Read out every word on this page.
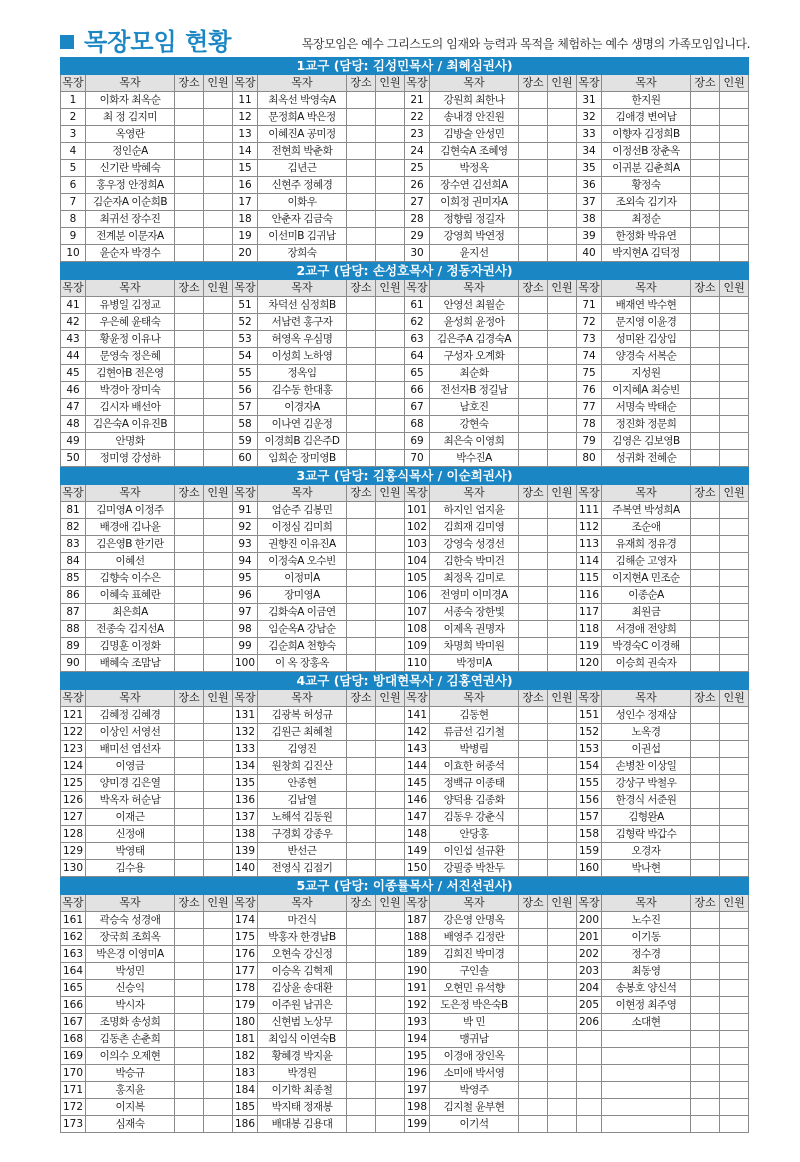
목장모임 현황	목장모임은 예수 그리스도의 임재와 능력과 목적을 체험하는 예수 생명의 가족모임입니다.
1교구 (담당: 김성민목사 / 최혜심권사)															
목장	목자	장소	인원	목장	목자	장소	인원	목장	목자	장소	인원	목장	목자	장소	인원
1	이화자 최옥순			11	최옥선 박영숙A			21	강원희 최한나			31	한지원		
2	최 정 김지미			12	문정희A 박은정			22	송내경 안진원			32	김애경 변여남		
3	옥영란			13	이혜진A 공미정			23	김방술 안성민			33	이향자 김정희B		
4	정인순A			14	전현희 박춘화			24	김현숙A 조혜영			34	이정선B 장춘옥		
5	신기란 박혜숙			15	김년근			25	박정옥			35	이귀분 김춘희A		
6	홍우정 안정희A			16	신현주 정혜경			26	장수연 김선희A			36	황정숙		
7	김순자A 이순희B			17	이화우			27	이희정 권미자A			37	조외숙 김기자		
8	최귀선 장수진			18	안춘자 김금숙			28	정향림 정길자			38	최정순		
9	전계분 이문자A			19	이선미B 김귀남			29	강영희 박연정			39	한정화 박유연		
10	윤순자 박경수			20	장희숙			30	윤지선			40	박지현A 김덕정		
2교구 (담당: 손성호목사 / 정동자권사)															
목장	목자	장소	인원	목장	목자	장소	인원	목장	목자	장소	인원	목장	목자	장소	인원
41	유병일 김정교			51	차덕선 심정희B			61	안영선 최월순			71	배재연 박수현		
42	우은혜 윤태숙			52	서남련 홍구자			62	윤성희 윤정아			72	문지영 이윤경		
43	황윤정 이유나			53	허영옥 우심명			63	김은주A 김경숙A			73	성미완 김상임		
44	문영숙 정은혜			54	이성희 노하영			64	구성자 오계화			74	양경숙 서복순		
45	김현아B 전은영			55	정옥임			65	최순화			75	지성원		
46	박경아 장미숙			56	김수동 한대홍			66	전선자B 정길남			76	이지혜A 최승빈		
47	김시자 배선아			57	이경자A			67	남호진			77	서명숙 박태순		
48	김은숙A 이유진B			58	이나연 김운정			68	강현숙			78	정진화 정문희		
49	안명화			59	이경희B 김은주D			69	최은숙 이영희			79	김영은 김보영B		
50	정미영 강성하			60	임희순 장미영B			70	박수진A			80	성귀화 전혜순		
3교구 (담당: 김홍식목사 / 이순희권사)															
목장	목자	장소	인원	목장	목자	장소	인원	목장	목자	장소	인원	목장	목자	장소	인원
81	김미영A 이정주			91	엄순주 김봉민			101	하지인 엄지윤			111	주복연 박성희A		
82	배경애 김나윤			92	이정심 김미희			102	김희재 김미영			112	조순애		
83	김은영B 한기란			93	권향진 이유진A			103	강영숙 성경선			113	유재희 정유경		
84	이혜선			94	이정숙A 오수빈			104	김한숙 박미건			114	김해순 고영자		
85	김향숙 이수은			95	이정미A			105	최정옥 김미로			115	이지현A 민조순		
86	이혜숙 표혜란			96	장미영A			106	전영미 이미경A			116	이종순A		
87	최은희A			97	김화숙A 이금연			107	서종숙 장한빛			117	최원금		
88	전종숙 김지선A			98	임순옥A 강남순			108	이제옥 권명자			118	서경애 전양희		
89	김명훈 이정화			99	김순희A 천향숙			109	차명희 박미원			119	박경숙C 이경해		
90	배혜숙 조맘남			100	이 옥 장홍옥			110	박정미A			120	이승희 권숙자		
4교구 (담당: 방대현목사 / 김홍연권사)															
목장	목자	장소	인원	목장	목자	장소	인원	목장	목자	장소	인원	목장	목자	장소	인원
121	김혜정 김혜경			131	김광복 허성규			141	김동현			151	성인수 정재삼		
122	이상인 서영선			132	김원근 최혜철			142	류금선 김기철			152	노옥경		
123	배미선 염선자			133	김영진			143	박병림			153	이권섭		
124	이영금			134	원창희 김진산			144	이효한 허종석			154	손병찬 이상일		
125	양미경 김은열			135	안종현			145	정백규 이종태			155	강상구 박철우		
126	박옥자 허순남			136	김남열			146	양덕용 김종화			156	한경식 서준원		
127	이재근			137	노해석 김동원			147	김동우 강춘식			157	김형완A		
128	신정애			138	구경회 강종우			148	안당홍			158	김형락 박갑수		
129	박영태			139	반선근			149	이인섭 설규환			159	오경자		
130	김수용			140	전영식 김점기			150	강필중 박찬두			160	박나현		
5교구 (담당: 이종률목사 / 서진선권사)															
목장	목자	장소	인원	목장	목자	장소	인원	목장	목자	장소	인원	목장	목자	장소	인원
161	곽승숙 성경애			174	마건식			187	강은영 안명옥			200	노수진		
162	장국희 조희옥			175	박홍자 한경남B			188	배영주 김정란			201	이기동		
163	박은경 이영미A			176	오현숙 강신정			189	김희진 박미경			202	정수경		
164	박성민			177	이승옥 김혁제			190	구인솔			203	최동영		
165	신승익			178	김상윤 송대환			191	오현민 유석향			204	송봉호 양신석		
166	박시자			179	이주원 남귀은			192	도은정 박은숙B			205	이현정 최주영		
167	조명화 송성희			180	신현범 노상무			193	박 민			206	소대현		
168	김동촌 손춘희			181	최임식 이연숙B			194	맹귀남						
169	이의수 오제현			182	황혜경 박지윤			195	이경애 장인옥						
170	박승규			183	박경원			196	소미애 박서영						
171	홍지윤			184	이기학 최종철			197	박영주						
172	이지복			185	박지태 정재봉			198	김지철 윤부현						
173	심재숙			186	배대봉 김용대			199	이기석						
